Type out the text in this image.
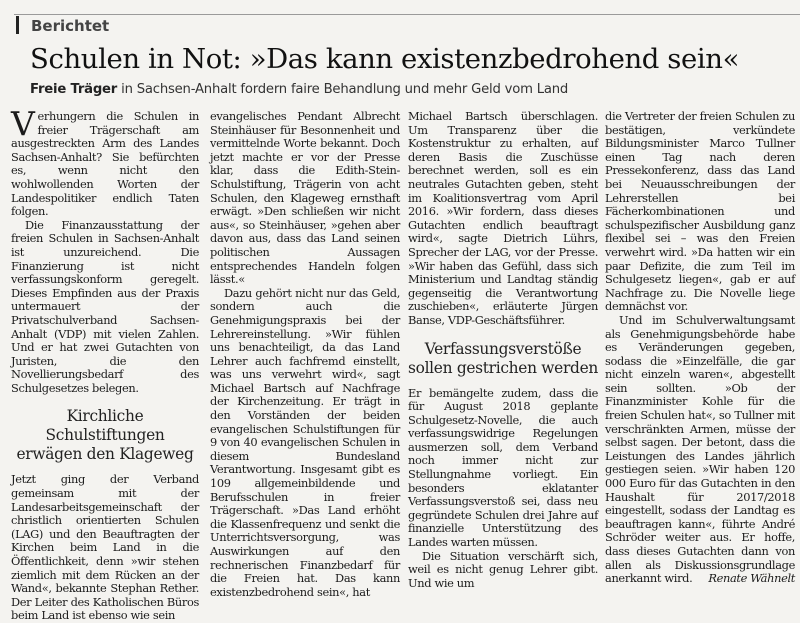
Berichtet
Schulen in Not: »Das kann existenzbedrohend sein«
Freie Träger in Sachsen-Anhalt fordern faire Behandlung und mehr Geld vom Land

Verhungern die Schulen in freier Trägerschaft am ausgestreckten Arm des Landes Sachsen-Anhalt? Sie befürchten es, wenn nicht den wohlwollenden Worten der Landespolitiker endlich Taten folgen.

Die Finanzausstattung der freien Schulen in Sachsen-Anhalt ist unzureichend. Die Finanzierung ist nicht verfassungskonform geregelt. Dieses Empfinden aus der Praxis untermauert der Privatschulverband Sachsen-Anhalt (VDP) mit vielen Zahlen. Und er hat zwei Gutachten von Juristen, die den Novellierungsbedarf des Schulgesetzes belegen.

Kirchliche Schulstiftungen erwägen den Klageweg

Jetzt ging der Verband gemeinsam mit der Landesarbeitsgemeinschaft der christlich orientierten Schulen (LAG) und den Beauftragten der Kirchen beim Land in die Öffentlichkeit, denn »wir stehen ziemlich mit dem Rücken an der Wand«, bekannte Stephan Rether. Der Leiter des Katholischen Büros beim Land ist ebenso wie sein

evangelisches Pendant Albrecht Steinhäuser für Besonnenheit und vermittelnde Worte bekannt. Doch jetzt machte er vor der Presse klar, dass die Edith-Stein-Schulstiftung, Trägerin von acht Schulen, den Klageweg ernsthaft erwägt. »Den schließen wir nicht aus«, so Steinhäuser, »gehen aber davon aus, dass das Land seinen politischen Aussagen entsprechendes Handeln folgen lässt.«

Dazu gehört nicht nur das Geld, sondern auch die Genehmigungspraxis bei der Lehrereinstellung. »Wir fühlen uns benachteiligt, da das Land Lehrer auch fachfremd einstellt, was uns verwehrt wird«, sagt Michael Bartsch auf Nachfrage der Kirchenzeitung. Er trägt in den Vorständen der beiden evangelischen Schulstiftungen für 9 von 40 evangelischen Schulen in diesem Bundesland Verantwortung. Insgesamt gibt es 109 allgemeinbildende und Berufsschulen in freier Trägerschaft. »Das Land erhöht die Klassenfrequenz und senkt die Unterrichtsversorgung, was Auswirkungen auf den rechnerischen Finanzbedarf für die Freien hat. Das kann existenzbedrohend sein«, hat

Michael Bartsch überschlagen. Um Transparenz über die Kostenstruktur zu erhalten, auf deren Basis die Zuschüsse berechnet werden, soll es ein neutrales Gutachten geben, steht im Koalitionsvertrag vom April 2016. »Wir fordern, dass dieses Gutachten endlich beauftragt wird«, sagte Dietrich Lührs, Sprecher der LAG, vor der Presse. »Wir haben das Gefühl, dass sich Ministerium und Landtag ständig gegenseitig die Verantwortung zuschieben«, erläuterte Jürgen Banse, VDP-Geschäftsführer.

Verfassungsverstöße sollen gestrichen werden

Er bemängelte zudem, dass die für August 2018 geplante Schulgesetz-Novelle, die auch verfassungswidrige Regelungen ausmerzen soll, dem Verband noch immer nicht zur Stellungnahme vorliegt. Ein besonders eklatanter Verfassungsverstoß sei, dass neu gegründete Schulen drei Jahre auf finanzielle Unterstützung des Landes warten müssen.

Die Situation verschärft sich, weil es nicht genug Lehrer gibt. Und wie um

die Vertreter der freien Schulen zu bestätigen, verkündete Bildungsminister Marco Tullner einen Tag nach deren Pressekonferenz, dass das Land bei Neuausschreibungen der Lehrerstellen bei Fächerkombinationen und schulspezifischer Ausbildung ganz flexibel sei – was den Freien verwehrt wird. »Da hatten wir ein paar Defizite, die zum Teil im Schulgesetz liegen«, gab er auf Nachfrage zu. Die Novelle liege demnächst vor.

Und im Schulverwaltungsamt als Genehmigungsbehörde habe es Veränderungen gegeben, sodass die »Einzelfälle, die gar nicht einzeln waren«, abgestellt sein sollten. »Ob der Finanzminister Kohle für die freien Schulen hat«, so Tullner mit verschränkten Armen, müsse der selbst sagen. Der betont, dass die Leistungen des Landes jährlich gestiegen seien. »Wir haben 120 000 Euro für das Gutachten in den Haushalt für 2017/2018 eingestellt, sodass der Landtag es beauftragen kann«, führte André Schröder weiter aus. Er hoffe, dass dieses Gutachten dann von allen als Diskussionsgrundlage anerkannt wird.	Renate Wähnelt
